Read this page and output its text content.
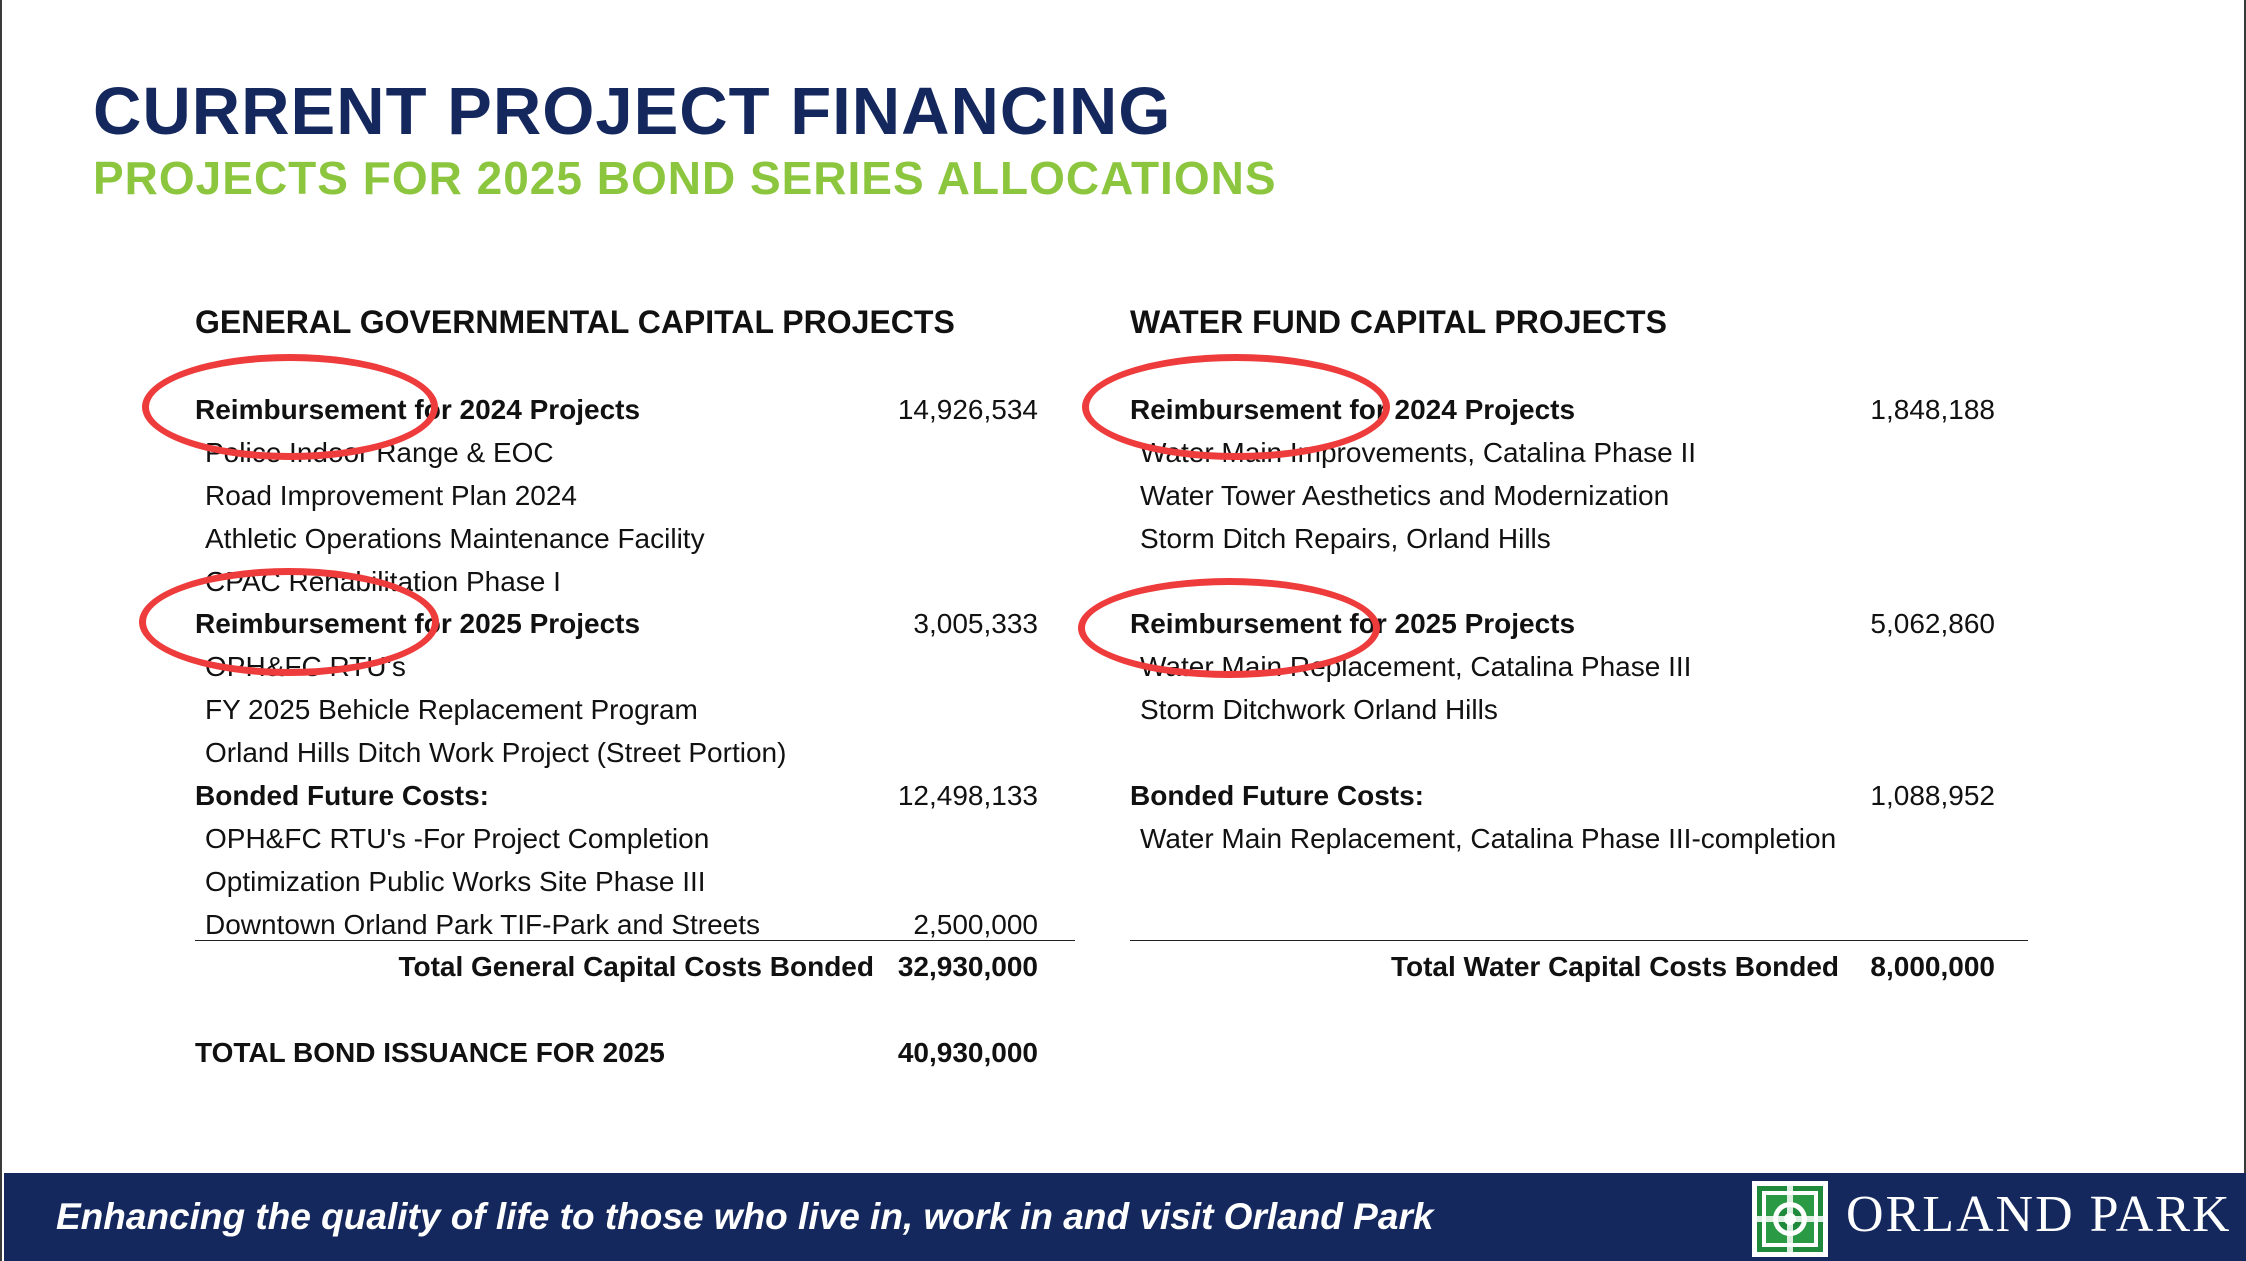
CURRENT PROJECT FINANCING
PROJECTS FOR 2025 BOND SERIES ALLOCATIONS
GENERAL GOVERNMENTAL CAPITAL PROJECTS
Reimbursement for 2024 Projects	14,926,534
Police Indoor Range & EOC
Road Improvement Plan 2024
Athletic Operations Maintenance Facility
CPAC Rehabilitation Phase I
Reimbursement for 2025 Projects	3,005,333
OPH&FC RTU's
FY 2025 Behicle Replacement Program
Orland Hills Ditch Work Project (Street Portion)
Bonded Future Costs:	12,498,133
OPH&FC RTU's -For Project Completion
Optimization Public Works Site Phase III
Downtown Orland Park TIF-Park and Streets	2,500,000
Total General Capital Costs Bonded 32,930,000
TOTAL BOND ISSUANCE FOR 2025	40,930,000
WATER FUND CAPITAL PROJECTS
Reimbursement for 2024 Projects	1,848,188
Water Main Improvements, Catalina Phase II
Water Tower Aesthetics and Modernization
Storm Ditch Repairs, Orland Hills
Reimbursement for 2025 Projects	5,062,860
Water Main Replacement, Catalina Phase III
Storm Ditchwork Orland Hills
Bonded Future Costs:	1,088,952
Water Main Replacement, Catalina Phase III-completion
Total Water Capital Costs Bonded 8,000,000
Enhancing the quality of life to those who live in, work in and visit Orland Park	ORLAND PARK
